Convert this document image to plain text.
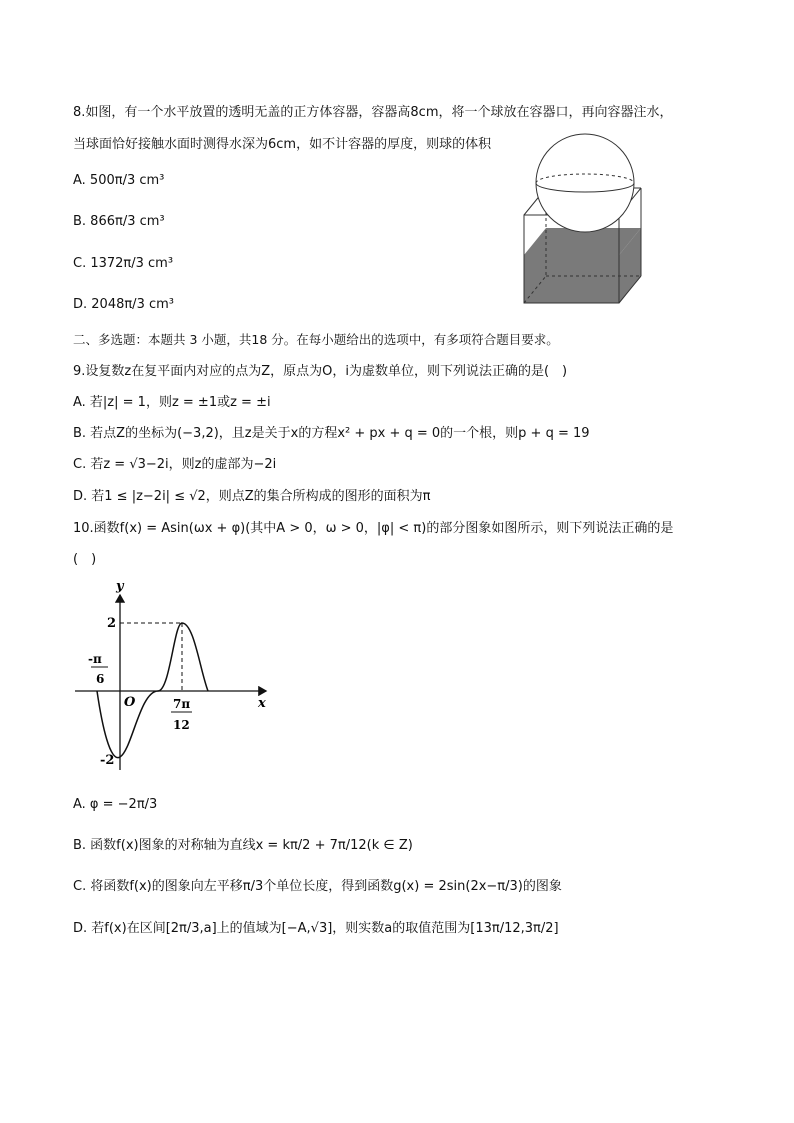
8.如图，有一个水平放置的透明无盖的正方体容器，容器高8cm，将一个球放在容器口，再向容器注水，
当球面恰好接触水面时测得水深为6cm，如不计容器的厚度，则球的体积
A. 500π/3 cm³
B. 866π/3 cm³
C. 1372π/3 cm³
D. 2048π/3 cm³
二、多选题：本题共 3 小题，共18 分。在每小题给出的选项中，有多项符合题目要求。
9.设复数z在复平面内对应的点为Z，原点为O，i为虚数单位，则下列说法正确的是(　)
A. 若|z| = 1，则z = ±1或z = ±i
B. 若点Z的坐标为(−3,2)，且z是关于x的方程x² + px + q = 0的一个根，则p + q = 19
C. 若z = √3−2i，则z的虚部为−2i
D. 若1 ≤ |z−2i| ≤ √2，则点Z的集合所构成的图形的面积为π
10.函数f(x) = Asin(ωx + φ)(其中A > 0，ω > 0，|φ| < π)的部分图象如图所示，则下列说法正确的是
(　)
y
x
O
2
-2
-π
6
7π
12
A. φ = −2π/3
B. 函数f(x)图象的对称轴为直线x = kπ/2 + 7π/12(k ∈ Z)
C. 将函数f(x)的图象向左平移π/3个单位长度，得到函数g(x) = 2sin(2x−π/3)的图象
D. 若f(x)在区间[2π/3,a]上的值域为[−A,√3]，则实数a的取值范围为[13π/12,3π/2]
